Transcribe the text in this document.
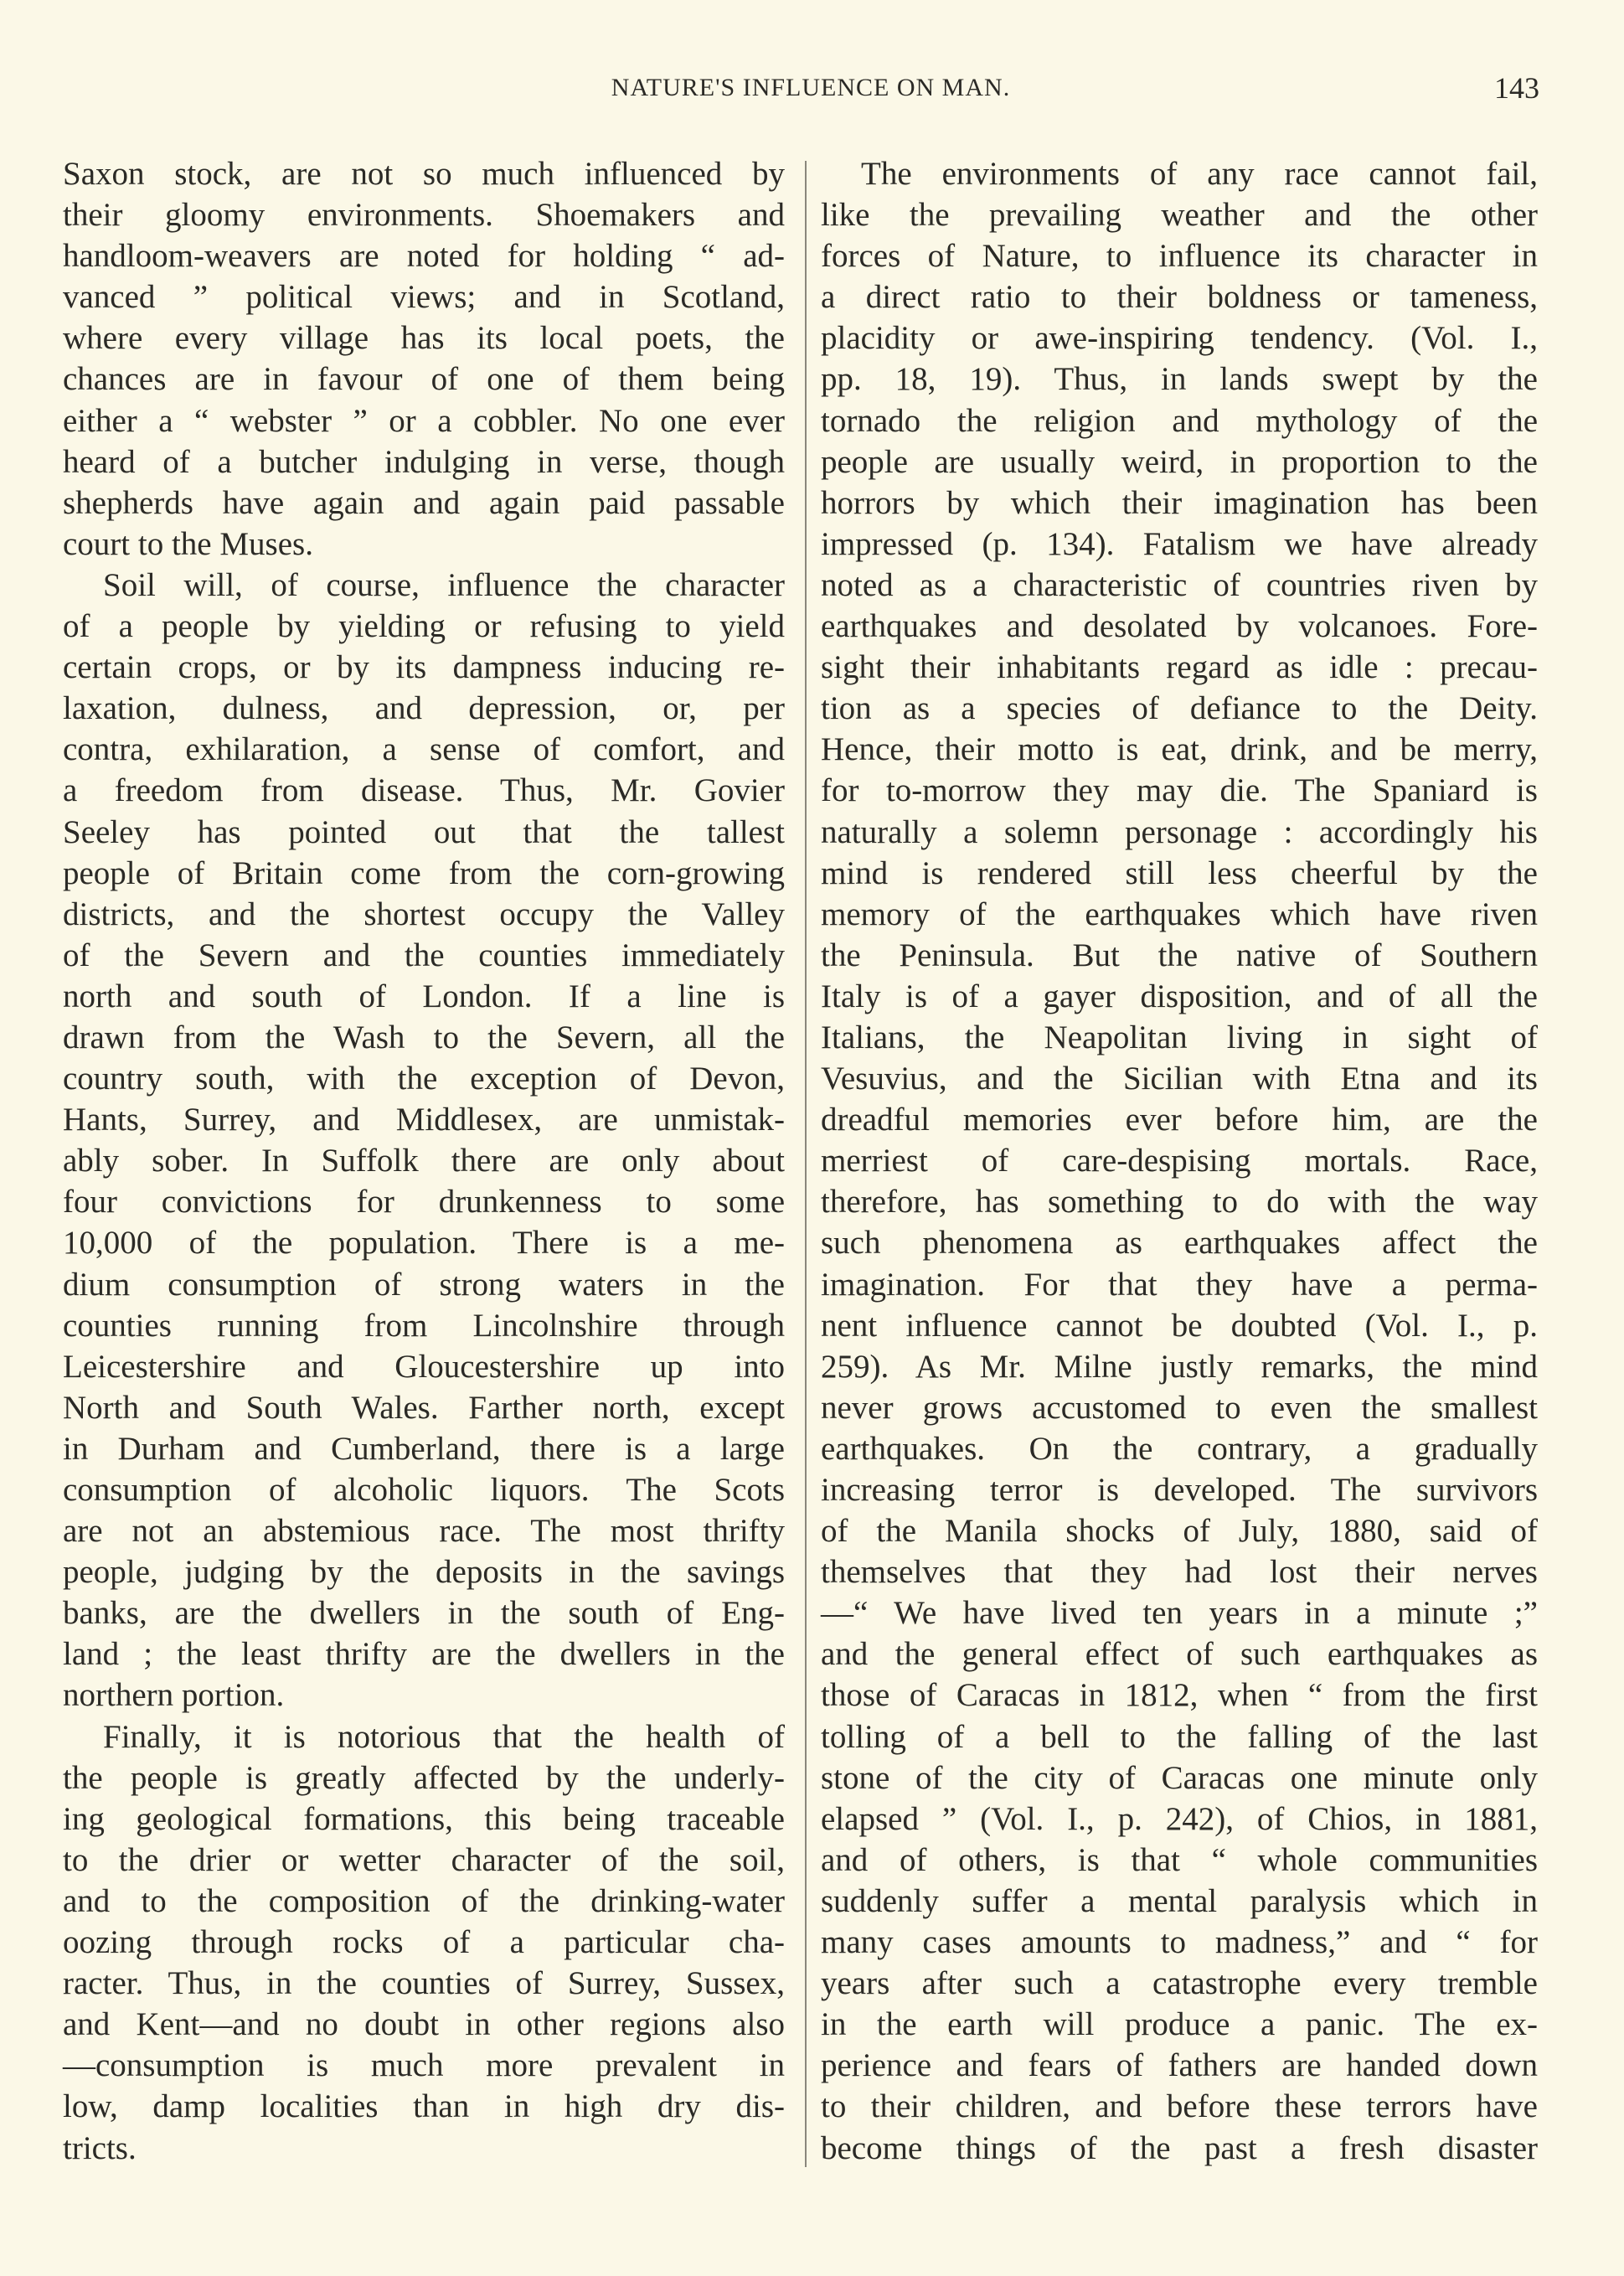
NATURE'S INFLUENCE ON MAN.	143
Saxon stock, are not so much influenced by
their gloomy environments. Shoemakers and
handloom-weavers are noted for holding “ ad-
vanced ” political views; and in Scotland,
where every village has its local poets, the
chances are in favour of one of them being
either a “ webster ” or a cobbler. No one ever
heard of a butcher indulging in verse, though
shepherds have again and again paid passable
court to the Muses.
Soil will, of course, influence the character
of a people by yielding or refusing to yield
certain crops, or by its dampness inducing re-
laxation, dulness, and depression, or, per
contra, exhilaration, a sense of comfort, and
a freedom from disease. Thus, Mr. Govier
Seeley has pointed out that the tallest
people of Britain come from the corn-growing
districts, and the shortest occupy the Valley
of the Severn and the counties immediately
north and south of London. If a line is
drawn from the Wash to the Severn, all the
country south, with the exception of Devon,
Hants, Surrey, and Middlesex, are unmistak-
ably sober. In Suffolk there are only about
four convictions for drunkenness to some
10,000 of the population. There is a me-
dium consumption of strong waters in the
counties running from Lincolnshire through
Leicestershire and Gloucestershire up into
North and South Wales. Farther north, except
in Durham and Cumberland, there is a large
consumption of alcoholic liquors. The Scots
are not an abstemious race. The most thrifty
people, judging by the deposits in the savings
banks, are the dwellers in the south of Eng-
land ; the least thrifty are the dwellers in the
northern portion.
Finally, it is notorious that the health of
the people is greatly affected by the underly-
ing geological formations, this being traceable
to the drier or wetter character of the soil,
and to the composition of the drinking-water
oozing through rocks of a particular cha-
racter. Thus, in the counties of Surrey, Sussex,
and Kent—and no doubt in other regions also
—consumption is much more prevalent in
low, damp localities than in high dry dis-
tricts.
The environments of any race cannot fail,
like the prevailing weather and the other
forces of Nature, to influence its character in
a direct ratio to their boldness or tameness,
placidity or awe-inspiring tendency. (Vol. I.,
pp. 18, 19). Thus, in lands swept by the
tornado the religion and mythology of the
people are usually weird, in proportion to the
horrors by which their imagination has been
impressed (p. 134). Fatalism we have already
noted as a characteristic of countries riven by
earthquakes and desolated by volcanoes. Fore-
sight their inhabitants regard as idle : precau-
tion as a species of defiance to the Deity.
Hence, their motto is eat, drink, and be merry,
for to-morrow they may die. The Spaniard is
naturally a solemn personage : accordingly his
mind is rendered still less cheerful by the
memory of the earthquakes which have riven
the Peninsula. But the native of Southern
Italy is of a gayer disposition, and of all the
Italians, the Neapolitan living in sight of
Vesuvius, and the Sicilian with Etna and its
dreadful memories ever before him, are the
merriest of care-despising mortals. Race,
therefore, has something to do with the way
such phenomena as earthquakes affect the
imagination. For that they have a perma-
nent influence cannot be doubted (Vol. I., p.
259). As Mr. Milne justly remarks, the mind
never grows accustomed to even the smallest
earthquakes. On the contrary, a gradually
increasing terror is developed. The survivors
of the Manila shocks of July, 1880, said of
themselves that they had lost their nerves
—“ We have lived ten years in a minute ;”
and the general effect of such earthquakes as
those of Caracas in 1812, when “ from the first
tolling of a bell to the falling of the last
stone of the city of Caracas one minute only
elapsed ” (Vol. I., p. 242), of Chios, in 1881,
and of others, is that “ whole communities
suddenly suffer a mental paralysis which in
many cases amounts to madness,” and “ for
years after such a catastrophe every tremble
in the earth will produce a panic. The ex-
perience and fears of fathers are handed down
to their children, and before these terrors have
become things of the past a fresh disaster
